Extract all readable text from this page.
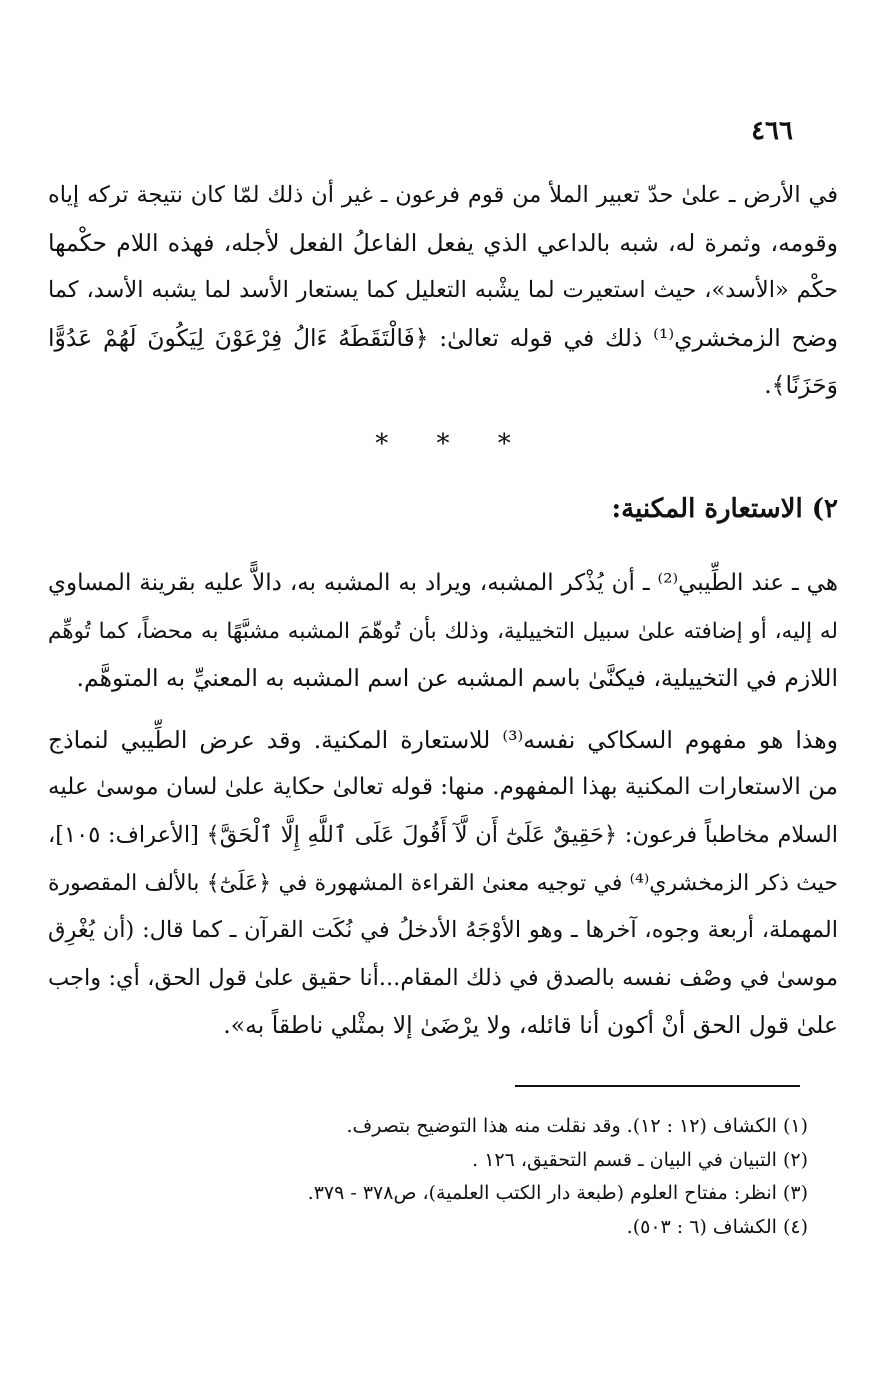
٤٦٦
في الأرض ـ علىٰ حدّ تعبير الملأ من قوم فرعون ـ غير أن ذلك لمّا كان نتيجة تركه إياه
وقومه، وثمرة له، شبه بالداعي الذي يفعل الفاعلُ الفعل لأجله، فهذه اللام حكْمها
حكْم «الأسد»، حيث استعيرت لما يشْبه التعليل كما يستعار الأسد لما يشبه الأسد، كما
وضح الزمخشري⁽¹⁾ ذلك في قوله تعالىٰ: ﴿فَالْتَقَطَهُ ءَالُ فِرْعَوْنَ لِيَكُونَ لَهُمْ عَدُوًّا
وَحَزَنًا﴾.
* * *
٢) الاستعارة المكنية:
هي ـ عند الطِّيبي⁽²⁾ ـ أن يُذْكر المشبه، ويراد به المشبه به، دالاًّ عليه بقرينة المساوي
له إليه، أو إضافته علىٰ سبيل التخييلية، وذلك بأن تُوهّمَ المشبه مشبَّهًا به محضاً، كما تُوهِّم
اللازم في التخييلية، فيكنَّىٰ باسم المشبه عن اسم المشبه به المعنيِّ به المتوهَّم.
وهذا هو مفهوم السكاكي نفسه⁽³⁾ للاستعارة المكنية. وقد عرض الطِّيبي لنماذج
من الاستعارات المكنية بهذا المفهوم. منها: قوله تعالىٰ حكاية علىٰ لسان موسىٰ عليه
السلام مخاطباً فرعون: ﴿حَقِيقٌ عَلَىٰٓ أَن لَّآ أَقُولَ عَلَى ٱللَّهِ إِلَّا ٱلْحَقَّ﴾ [الأعراف: ١٠٥]،
حيث ذكر الزمخشري⁽⁴⁾ في توجيه معنىٰ القراءة المشهورة في ﴿عَلَىٰٓ﴾ بالألف المقصورة
المهملة، أربعة وجوه، آخرها ـ وهو الأوْجَهُ الأدخلُ في نُكَت القرآن ـ كما قال: (أن يُغْرِق
موسىٰ في وصْف نفسه بالصدق في ذلك المقام...أنا حقيق علىٰ قول الحق، أي: واجب
علىٰ قول الحق أنْ أكون أنا قائله، ولا يرْضَىٰ إلا بمثْلي ناطقاً به».
(١) الكشاف (١٢ : ١٢). وقد نقلت منه هذا التوضيح بتصرف.
(٢) التبيان في البيان ـ قسم التحقيق، ١٢٦ .
(٣) انظر: مفتاح العلوم (طبعة دار الكتب العلمية)، ص٣٧٨ - ٣٧٩.
(٤) الكشاف (٦ : ٥٠٣).
